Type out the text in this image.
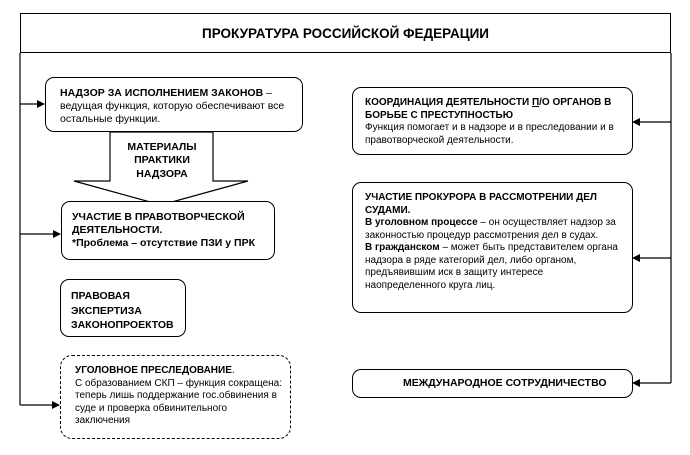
ПРОКУРАТУРА РОССИЙСКОЙ ФЕДЕРАЦИИ
МАТЕРИАЛЫ
ПРАКТИКИ
НАДЗОРА
НАДЗОР ЗА ИСПОЛНЕНИЕМ ЗАКОНОВ – ведущая функция, которую обеспечивают все остальные функции.
УЧАСТИЕ В ПРАВОТВОРЧЕСКОЙ ДЕЯТЕЛЬНОСТИ.
*Проблема – отсутствие ПЗИ у ПРК
ПРАВОВАЯ ЭКСПЕРТИЗА ЗАКОНОПРОЕКТОВ
УГОЛОВНОЕ ПРЕСЛЕДОВАНИЕ.
С образованием СКП – функция сокращена: теперь лишь поддержание гос.обвинения в суде и проверка обвинительного заключения
КООРДИНАЦИЯ ДЕЯТЕЛЬНОСТИ П/О ОРГАНОВ В БОРЬБЕ С ПРЕСТУПНОСТЬЮ
Функция помогает и в надзоре и в преследовании и в правотворческой деятельности.
УЧАСТИЕ ПРОКУРОРА В РАССМОТРЕНИИ ДЕЛ СУДАМИ.
В уголовном процессе – он осуществляет надзор за законностью процедур рассмотрения дел в судах.
В гражданском – может быть представителем органа надзора в ряде категорий дел, либо органом, предъявившим иск в защиту интересе наопределенного круга лиц.
МЕЖДУНАРОДНОЕ СОТРУДНИЧЕСТВО
